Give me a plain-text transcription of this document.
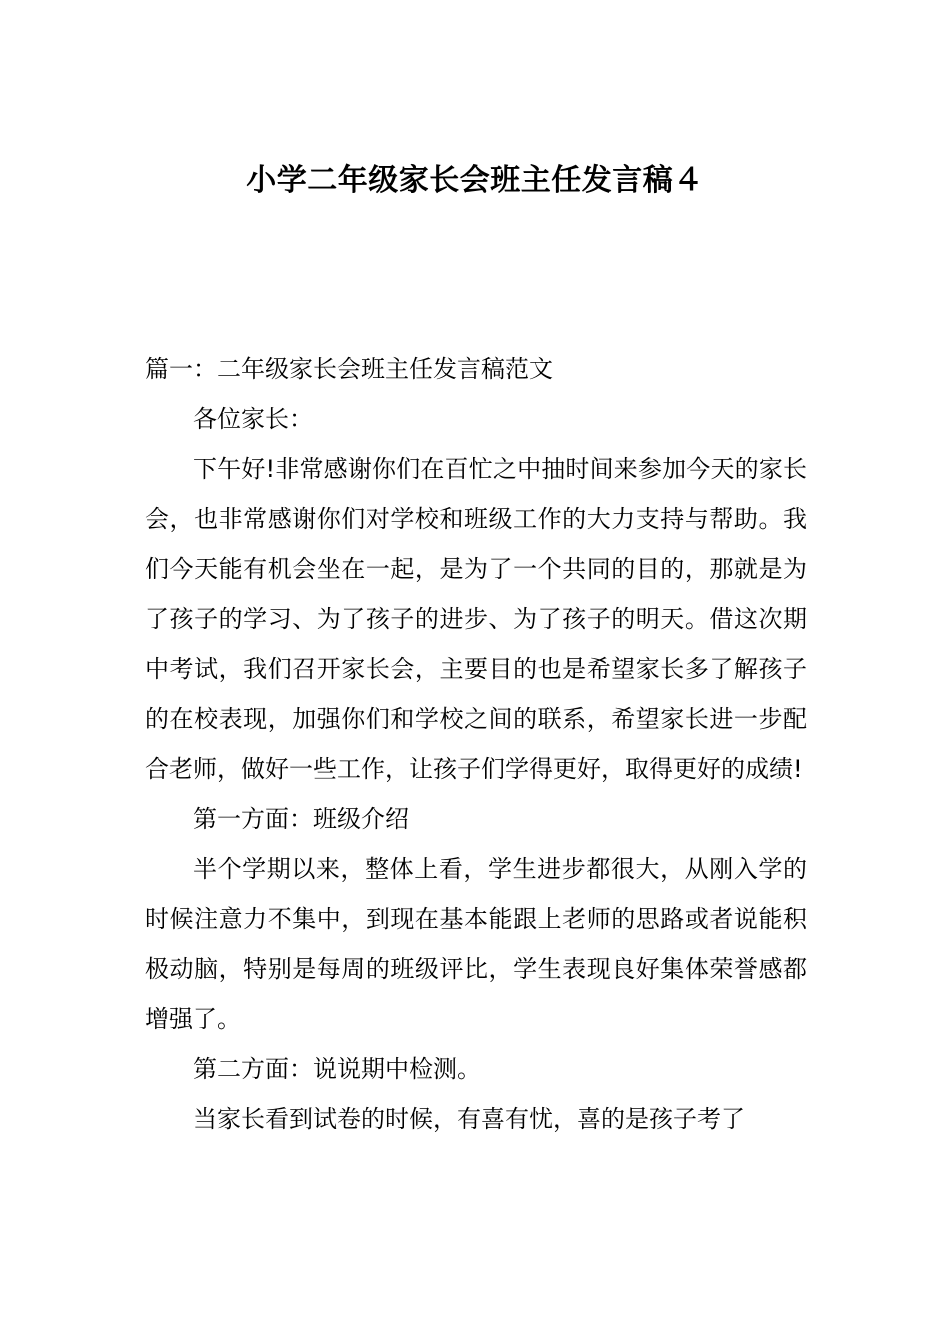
小学二年级家长会班主任发言稿４

篇一：二年级家长会班主任发言稿范文

各位家长：

下午好!非常感谢你们在百忙之中抽时间来参加今天的家长会，也非常感谢你们对学校和班级工作的大力支持与帮助。我们今天能有机会坐在一起，是为了一个共同的目的，那就是为了孩子的学习、为了孩子的进步、为了孩子的明天。借这次期中考试，我们召开家长会，主要目的也是希望家长多了解孩子的在校表现，加强你们和学校之间的联系，希望家长进一步配合老师，做好一些工作，让孩子们学得更好，取得更好的成绩!

第一方面：班级介绍

半个学期以来，整体上看，学生进步都很大，从刚入学的时候注意力不集中，到现在基本能跟上老师的思路或者说能积极动脑，特别是每周的班级评比，学生表现良好集体荣誉感都增强了。

第二方面：说说期中检测。

当家长看到试卷的时候，有喜有忧，喜的是孩子考了
